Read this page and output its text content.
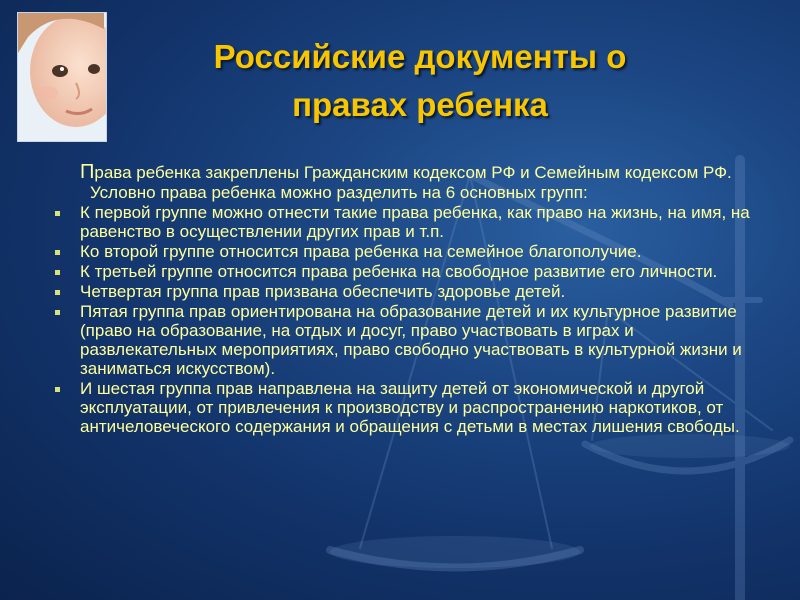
Российские документы о
правах ребенка

Права ребенка закреплены Гражданским кодексом РФ и Семейным кодексом РФ.

Условно права ребенка можно разделить на 6 основных групп:

К первой группе можно отнести такие права ребенка, как право на жизнь, на имя, на равенство в осуществлении других прав и т.п.
Ко второй группе относится права ребенка на семейное благополучие.
К третьей группе относится права ребенка на свободное развитие его личности.
Четвертая группа прав призвана обеспечить здоровье детей.
Пятая группа прав ориентирована на образование детей и их культурное развитие (право на образование, на отдых и досуг, право участвовать в играх и развлекательных мероприятиях, право свободно участвовать в культурной жизни и заниматься искусством).
И шестая группа прав направлена на защиту детей от экономической и другой эксплуатации, от привлечения к производству и распространению наркотиков, от античеловеческого содержания и обращения с детьми в местах лишения свободы.
